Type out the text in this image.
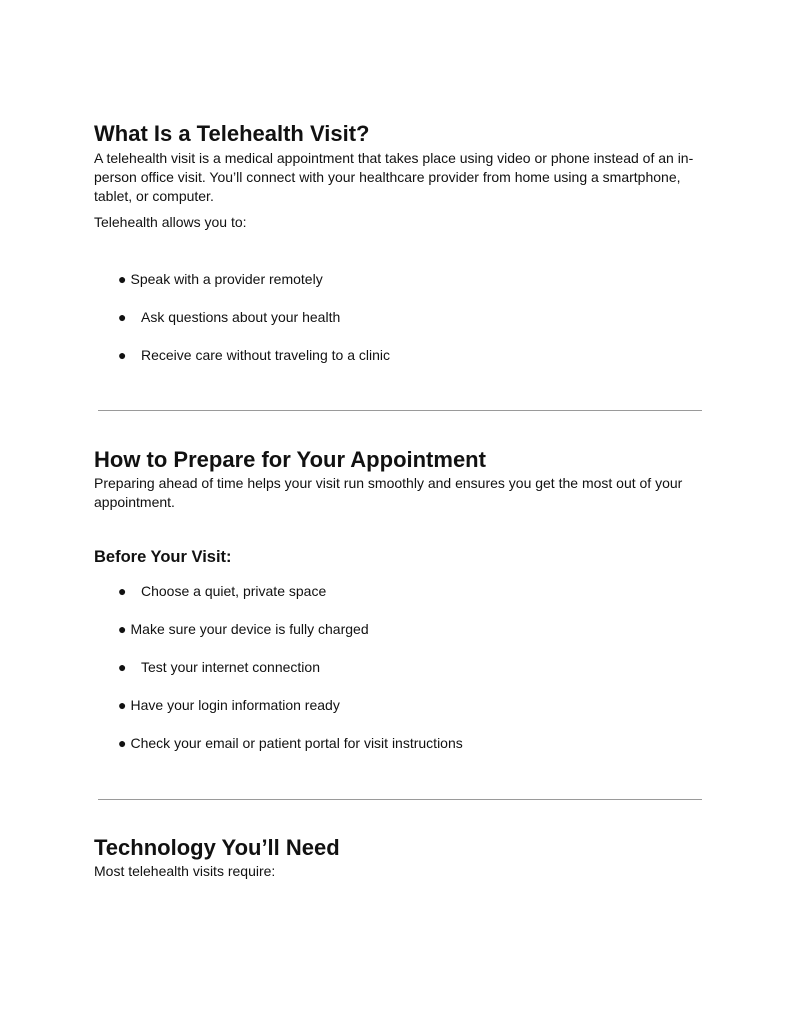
What Is a Telehealth Visit?

A telehealth visit is a medical appointment that takes place using video or phone instead of an in-person office visit. You’ll connect with your healthcare provider from home using a smartphone, tablet, or computer.

Telehealth allows you to:

● Speak with a provider remotely
● Ask questions about your health
● Receive care without traveling to a clinic
How to Prepare for Your Appointment

Preparing ahead of time helps your visit run smoothly and ensures you get the most out of your appointment.

Before Your Visit:
● Choose a quiet, private space
● Make sure your device is fully charged
● Test your internet connection
● Have your login information ready
● Check your email or patient portal for visit instructions
Technology You’ll Need

Most telehealth visits require:
